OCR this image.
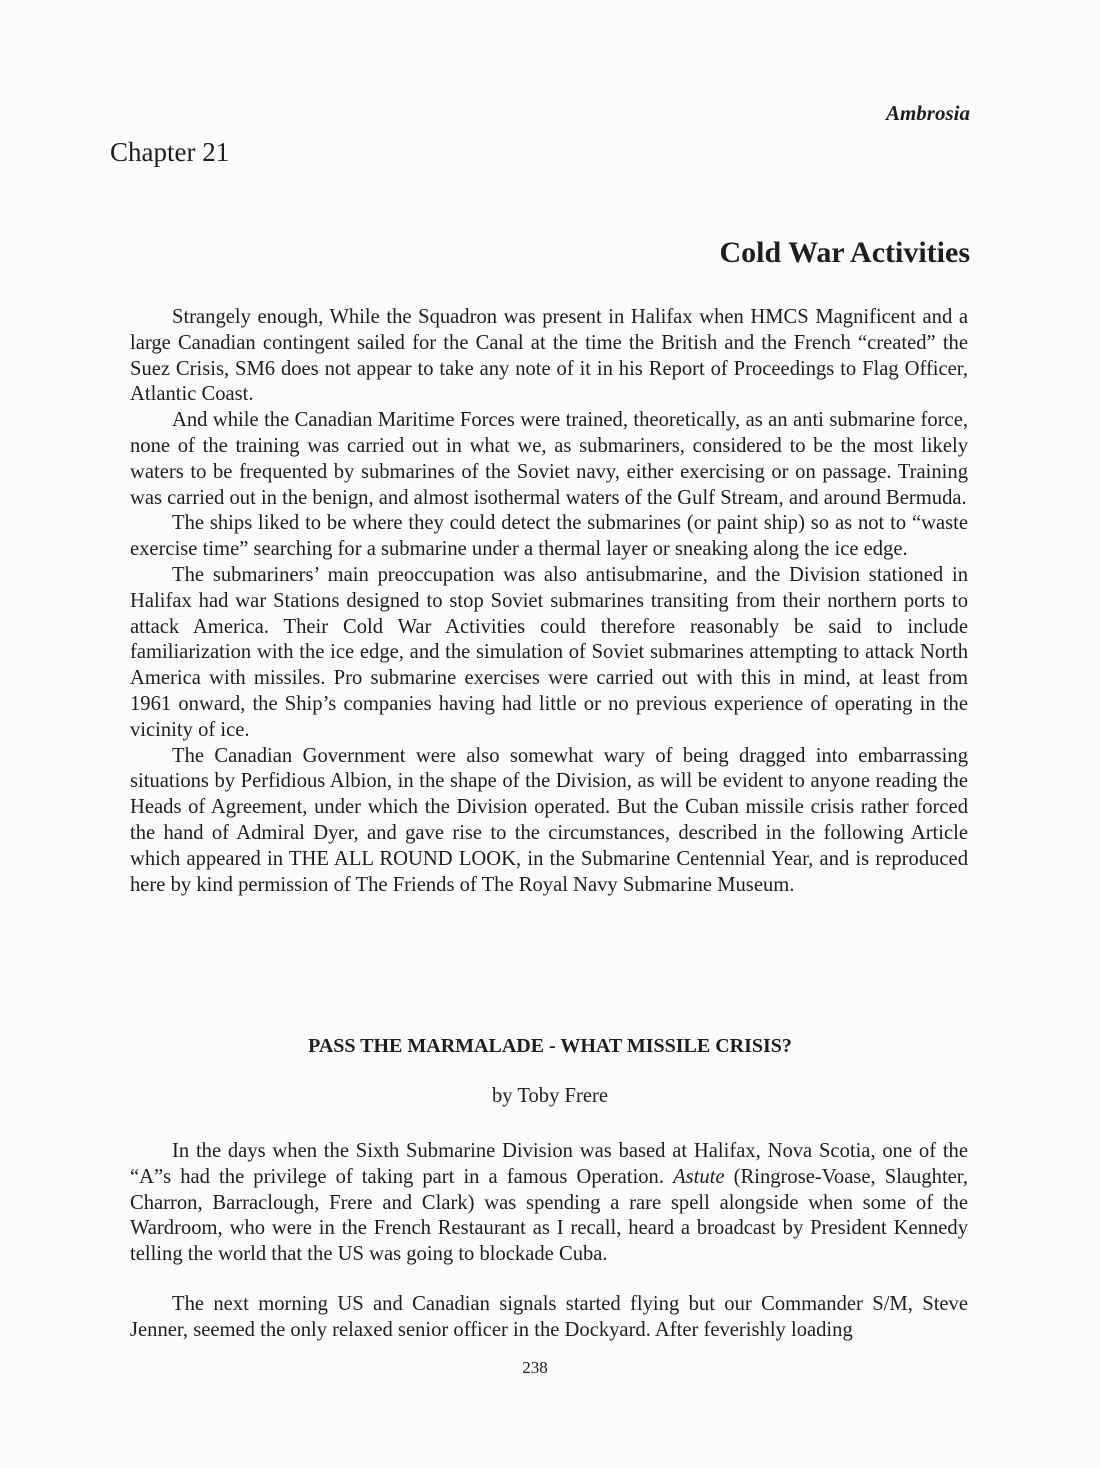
Ambrosia
Chapter 21
Cold War Activities

Strangely enough, While the Squadron was present in Halifax when HMCS Magnificent and a large Canadian contingent sailed for the Canal at the time the British and the French “created” the Suez Crisis, SM6 does not appear to take any note of it in his Report of Proceedings to Flag Officer, Atlantic Coast.

And while the Canadian Maritime Forces were trained, theoretically, as an anti submarine force, none of the training was carried out in what we, as submariners, considered to be the most likely waters to be frequented by submarines of the Soviet navy, either exercising or on passage. Training was carried out in the benign, and almost isothermal waters of the Gulf Stream, and around Bermuda.

The ships liked to be where they could detect the submarines (or paint ship) so as not to “waste exercise time” searching for a submarine under a thermal layer or sneaking along the ice edge.

The submariners’ main preoccupation was also antisubmarine, and the Division stationed in Halifax had war Stations designed to stop Soviet submarines transiting from their northern ports to attack America. Their Cold War Activities could therefore reasonably be said to include familiarization with the ice edge, and the simulation of Soviet submarines attempting to attack North America with missiles. Pro submarine exercises were carried out with this in mind, at least from 1961 onward, the Ship’s companies having had little or no previous experience of operating in the vicinity of ice.

The Canadian Government were also somewhat wary of being dragged into embarrassing situations by Perfidious Albion, in the shape of the Division, as will be evident to anyone reading the Heads of Agreement, under which the Division operated. But the Cuban missile crisis rather forced the hand of Admiral Dyer, and gave rise to the circumstances, described in the following Article which appeared in THE ALL ROUND LOOK, in the Submarine Centennial Year, and is reproduced here by kind permission of The Friends of The Royal Navy Submarine Museum.

PASS THE MARMALADE - WHAT MISSILE CRISIS?
by Toby Frere

In the days when the Sixth Submarine Division was based at Halifax, Nova Scotia, one of the “A”s had the privilege of taking part in a famous Operation. Astute (Ringrose-Voase, Slaughter, Charron, Barraclough, Frere and Clark) was spending a rare spell alongside when some of the Wardroom, who were in the French Restaurant as I recall, heard a broadcast by President Kennedy telling the world that the US was going to blockade Cuba.

The next morning US and Canadian signals started flying but our Commander S/M, Steve Jenner, seemed the only relaxed senior officer in the Dockyard. After feverishly loading

238
